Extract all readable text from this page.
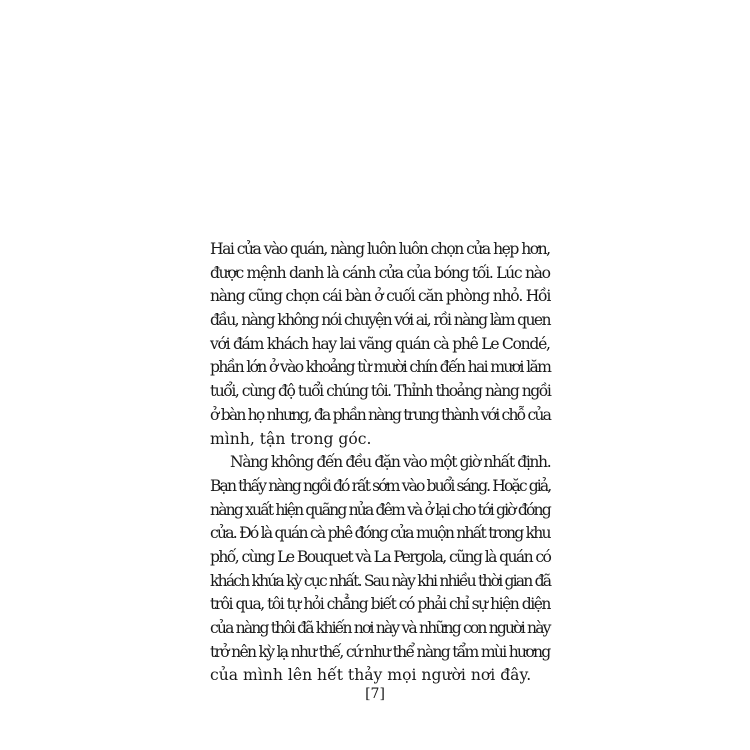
Hai cửa vào quán, nàng luôn luôn chọn cửa hẹp hơn,
được mệnh danh là cánh cửa của bóng tối. Lúc nào
nàng cũng chọn cái bàn ở cuối căn phòng nhỏ. Hồi
đầu, nàng không nói chuyện với ai, rồi nàng làm quen
với đám khách hay lai vãng quán cà phê Le Condé,
phần lớn ở vào khoảng từ mười chín đến hai mươi lăm
tuổi, cùng độ tuổi chúng tôi. Thỉnh thoảng nàng ngồi
ở bàn họ nhưng, đa phần nàng trung thành với chỗ của
mình, tận trong góc.
Nàng không đến đều đặn vào một giờ nhất định.
Bạn thấy nàng ngồi đó rất sớm vào buổi sáng. Hoặc giả,
nàng xuất hiện quãng nửa đêm và ở lại cho tới giờ đóng
cửa. Đó là quán cà phê đóng cửa muộn nhất trong khu
phố, cùng Le Bouquet và La Pergola, cũng là quán có
khách khứa kỳ cục nhất. Sau này khi nhiều thời gian đã
trôi qua, tôi tự hỏi chẳng biết có phải chỉ sự hiện diện
của nàng thôi đã khiến nơi này và những con người này
trở nên kỳ lạ như thế, cứ như thể nàng tẩm mùi hương
của mình lên hết thảy mọi người nơi đây.
[7]
